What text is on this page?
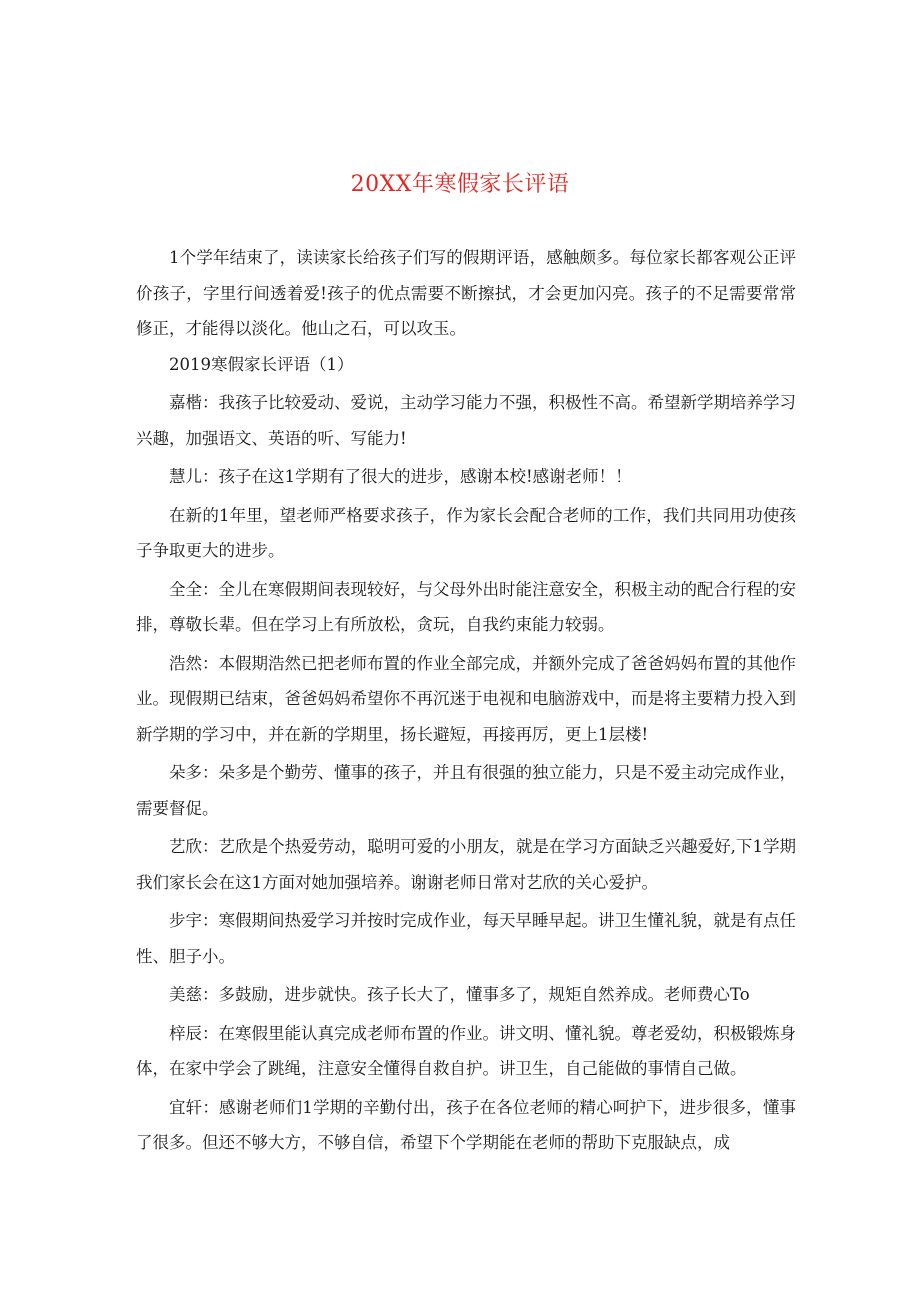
20XX年寒假家长评语

1个学年结束了，读读家长给孩子们写的假期评语，感触颇多。每位家长都客观公正评价孩子，字里行间透着爱!孩子的优点需要不断擦拭，才会更加闪亮。孩子的不足需要常常修正，才能得以淡化。他山之石，可以攻玉。

2019寒假家长评语（1）

嘉楷：我孩子比较爱动、爱说，主动学习能力不强，积极性不高。希望新学期培养学习兴趣，加强语文、英语的听、写能力!

慧儿：孩子在这1学期有了很大的进步，感谢本校!感谢老师！！

在新的1年里，望老师严格要求孩子，作为家长会配合老师的工作，我们共同用功使孩子争取更大的进步。

全全：全儿在寒假期间表现较好，与父母外出时能注意安全，积极主动的配合行程的安排，尊敬长辈。但在学习上有所放松，贪玩，自我约束能力较弱。

浩然：本假期浩然已把老师布置的作业全部完成，并额外完成了爸爸妈妈布置的其他作业。现假期已结束，爸爸妈妈希望你不再沉迷于电视和电脑游戏中，而是将主要精力投入到新学期的学习中，并在新的学期里，扬长避短，再接再厉，更上1层楼!

朵多：朵多是个勤劳、懂事的孩子，并且有很强的独立能力，只是不爱主动完成作业，需要督促。

艺欣：艺欣是个热爱劳动，聪明可爱的小朋友，就是在学习方面缺乏兴趣爱好,下1学期我们家长会在这1方面对她加强培养。谢谢老师日常对艺欣的关心爱护。

步宇：寒假期间热爱学习并按时完成作业，每天早睡早起。讲卫生懂礼貌，就是有点任性、胆子小。

美慈：多鼓励，进步就快。孩子长大了，懂事多了，规矩自然养成。老师费心To

梓辰：在寒假里能认真完成老师布置的作业。讲文明、懂礼貌。尊老爱幼，积极锻炼身体，在家中学会了跳绳，注意安全懂得自救自护。讲卫生，自己能做的事情自己做。

宜轩：感谢老师们1学期的辛勤付出，孩子在各位老师的精心呵护下，进步很多，懂事了很多。但还不够大方，不够自信，希望下个学期能在老师的帮助下克服缺点，成
